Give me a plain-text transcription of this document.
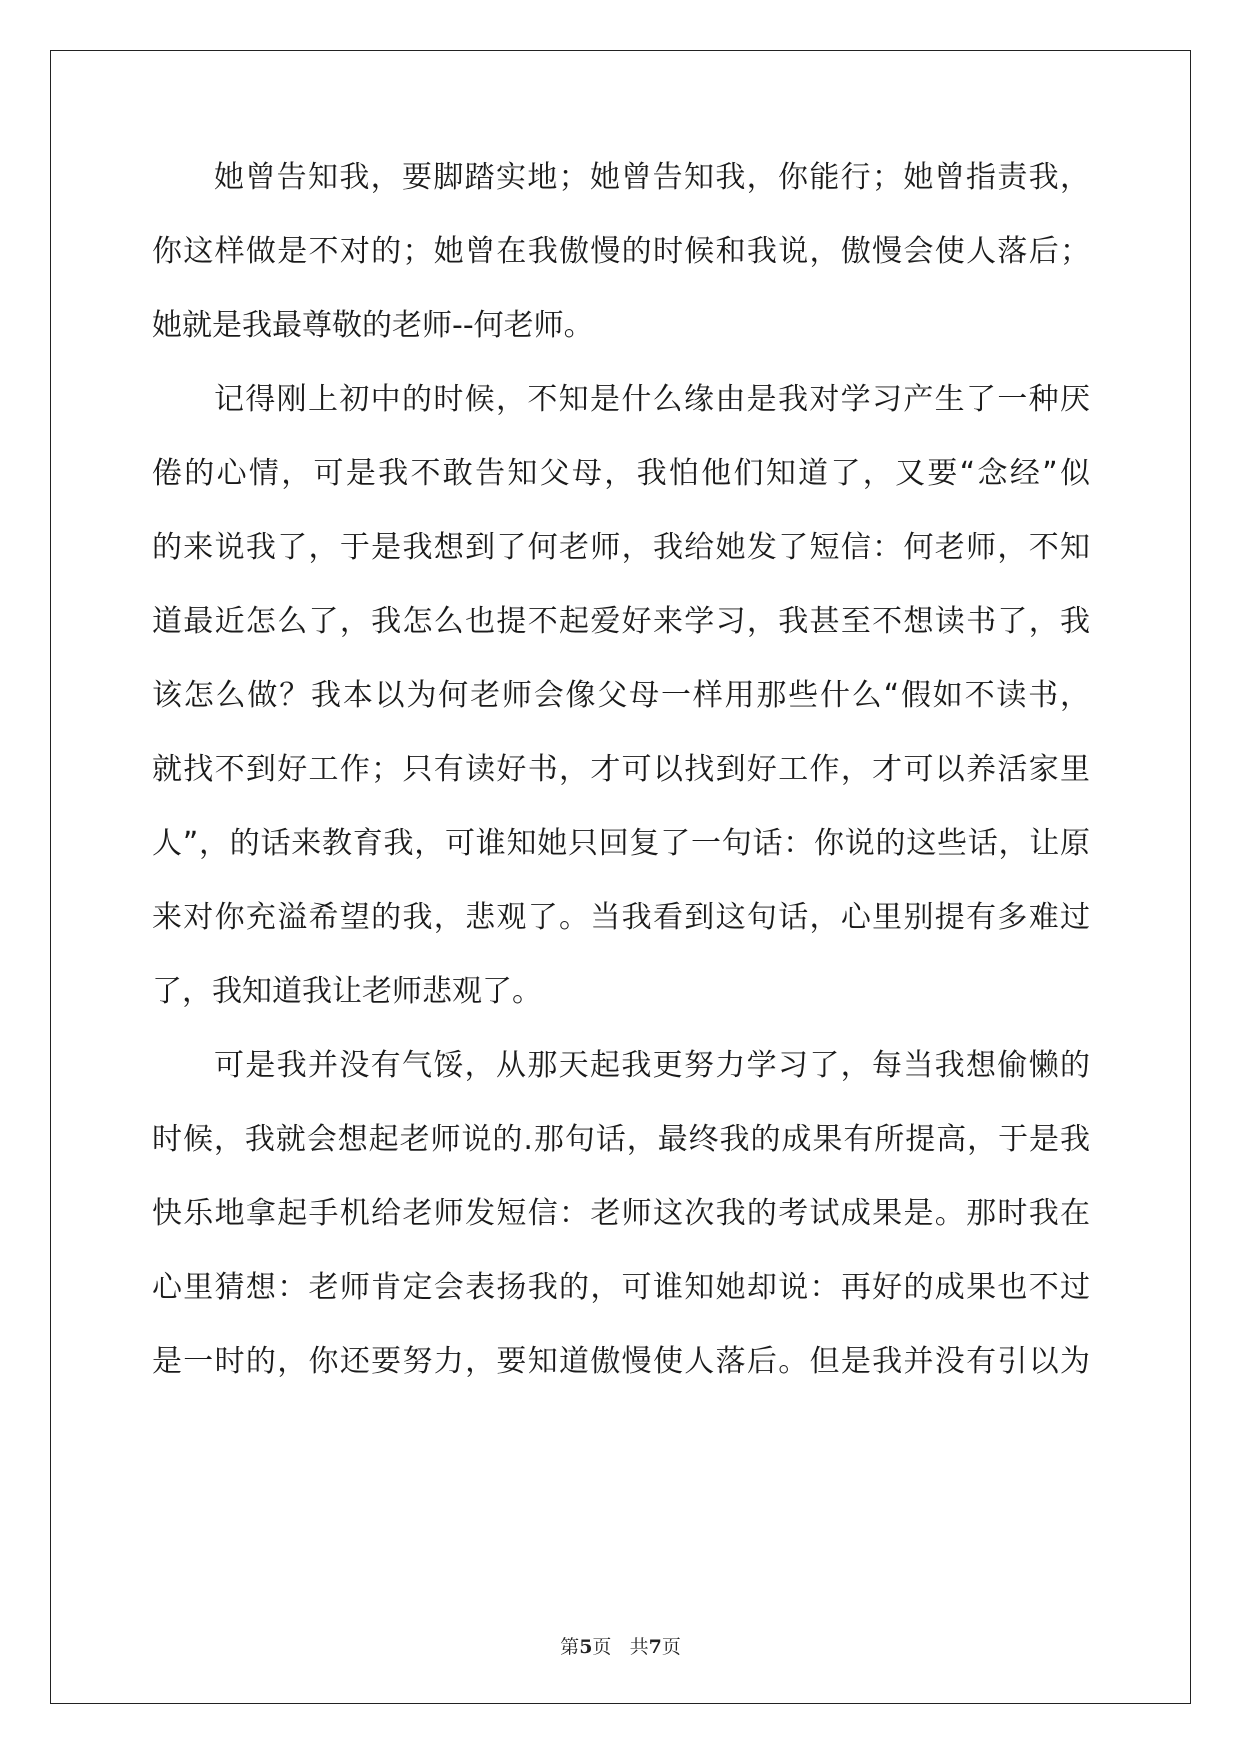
她曾告知我，要脚踏实地；她曾告知我，你能行；她曾指责我，
你这样做是不对的；她曾在我傲慢的时候和我说，傲慢会使人落后；
她就是我最尊敬的老师--何老师。
记得刚上初中的时候，不知是什么缘由是我对学习产生了一种厌
倦的心情，可是我不敢告知父母，我怕他们知道了，又要“念经”似
的来说我了，于是我想到了何老师，我给她发了短信：何老师，不知
道最近怎么了，我怎么也提不起爱好来学习，我甚至不想读书了，我
该怎么做？我本以为何老师会像父母一样用那些什么“假如不读书，
就找不到好工作；只有读好书，才可以找到好工作，才可以养活家里
人”，的话来教育我，可谁知她只回复了一句话：你说的这些话，让原
来对你充溢希望的我，悲观了。当我看到这句话，心里别提有多难过
了，我知道我让老师悲观了。
可是我并没有气馁，从那天起我更努力学习了，每当我想偷懒的
时候，我就会想起老师说的.那句话，最终我的成果有所提高，于是我
快乐地拿起手机给老师发短信：老师这次我的考试成果是。那时我在
心里猜想：老师肯定会表扬我的，可谁知她却说：再好的成果也不过
是一时的，你还要努力，要知道傲慢使人落后。但是我并没有引以为
第5页 共7页
